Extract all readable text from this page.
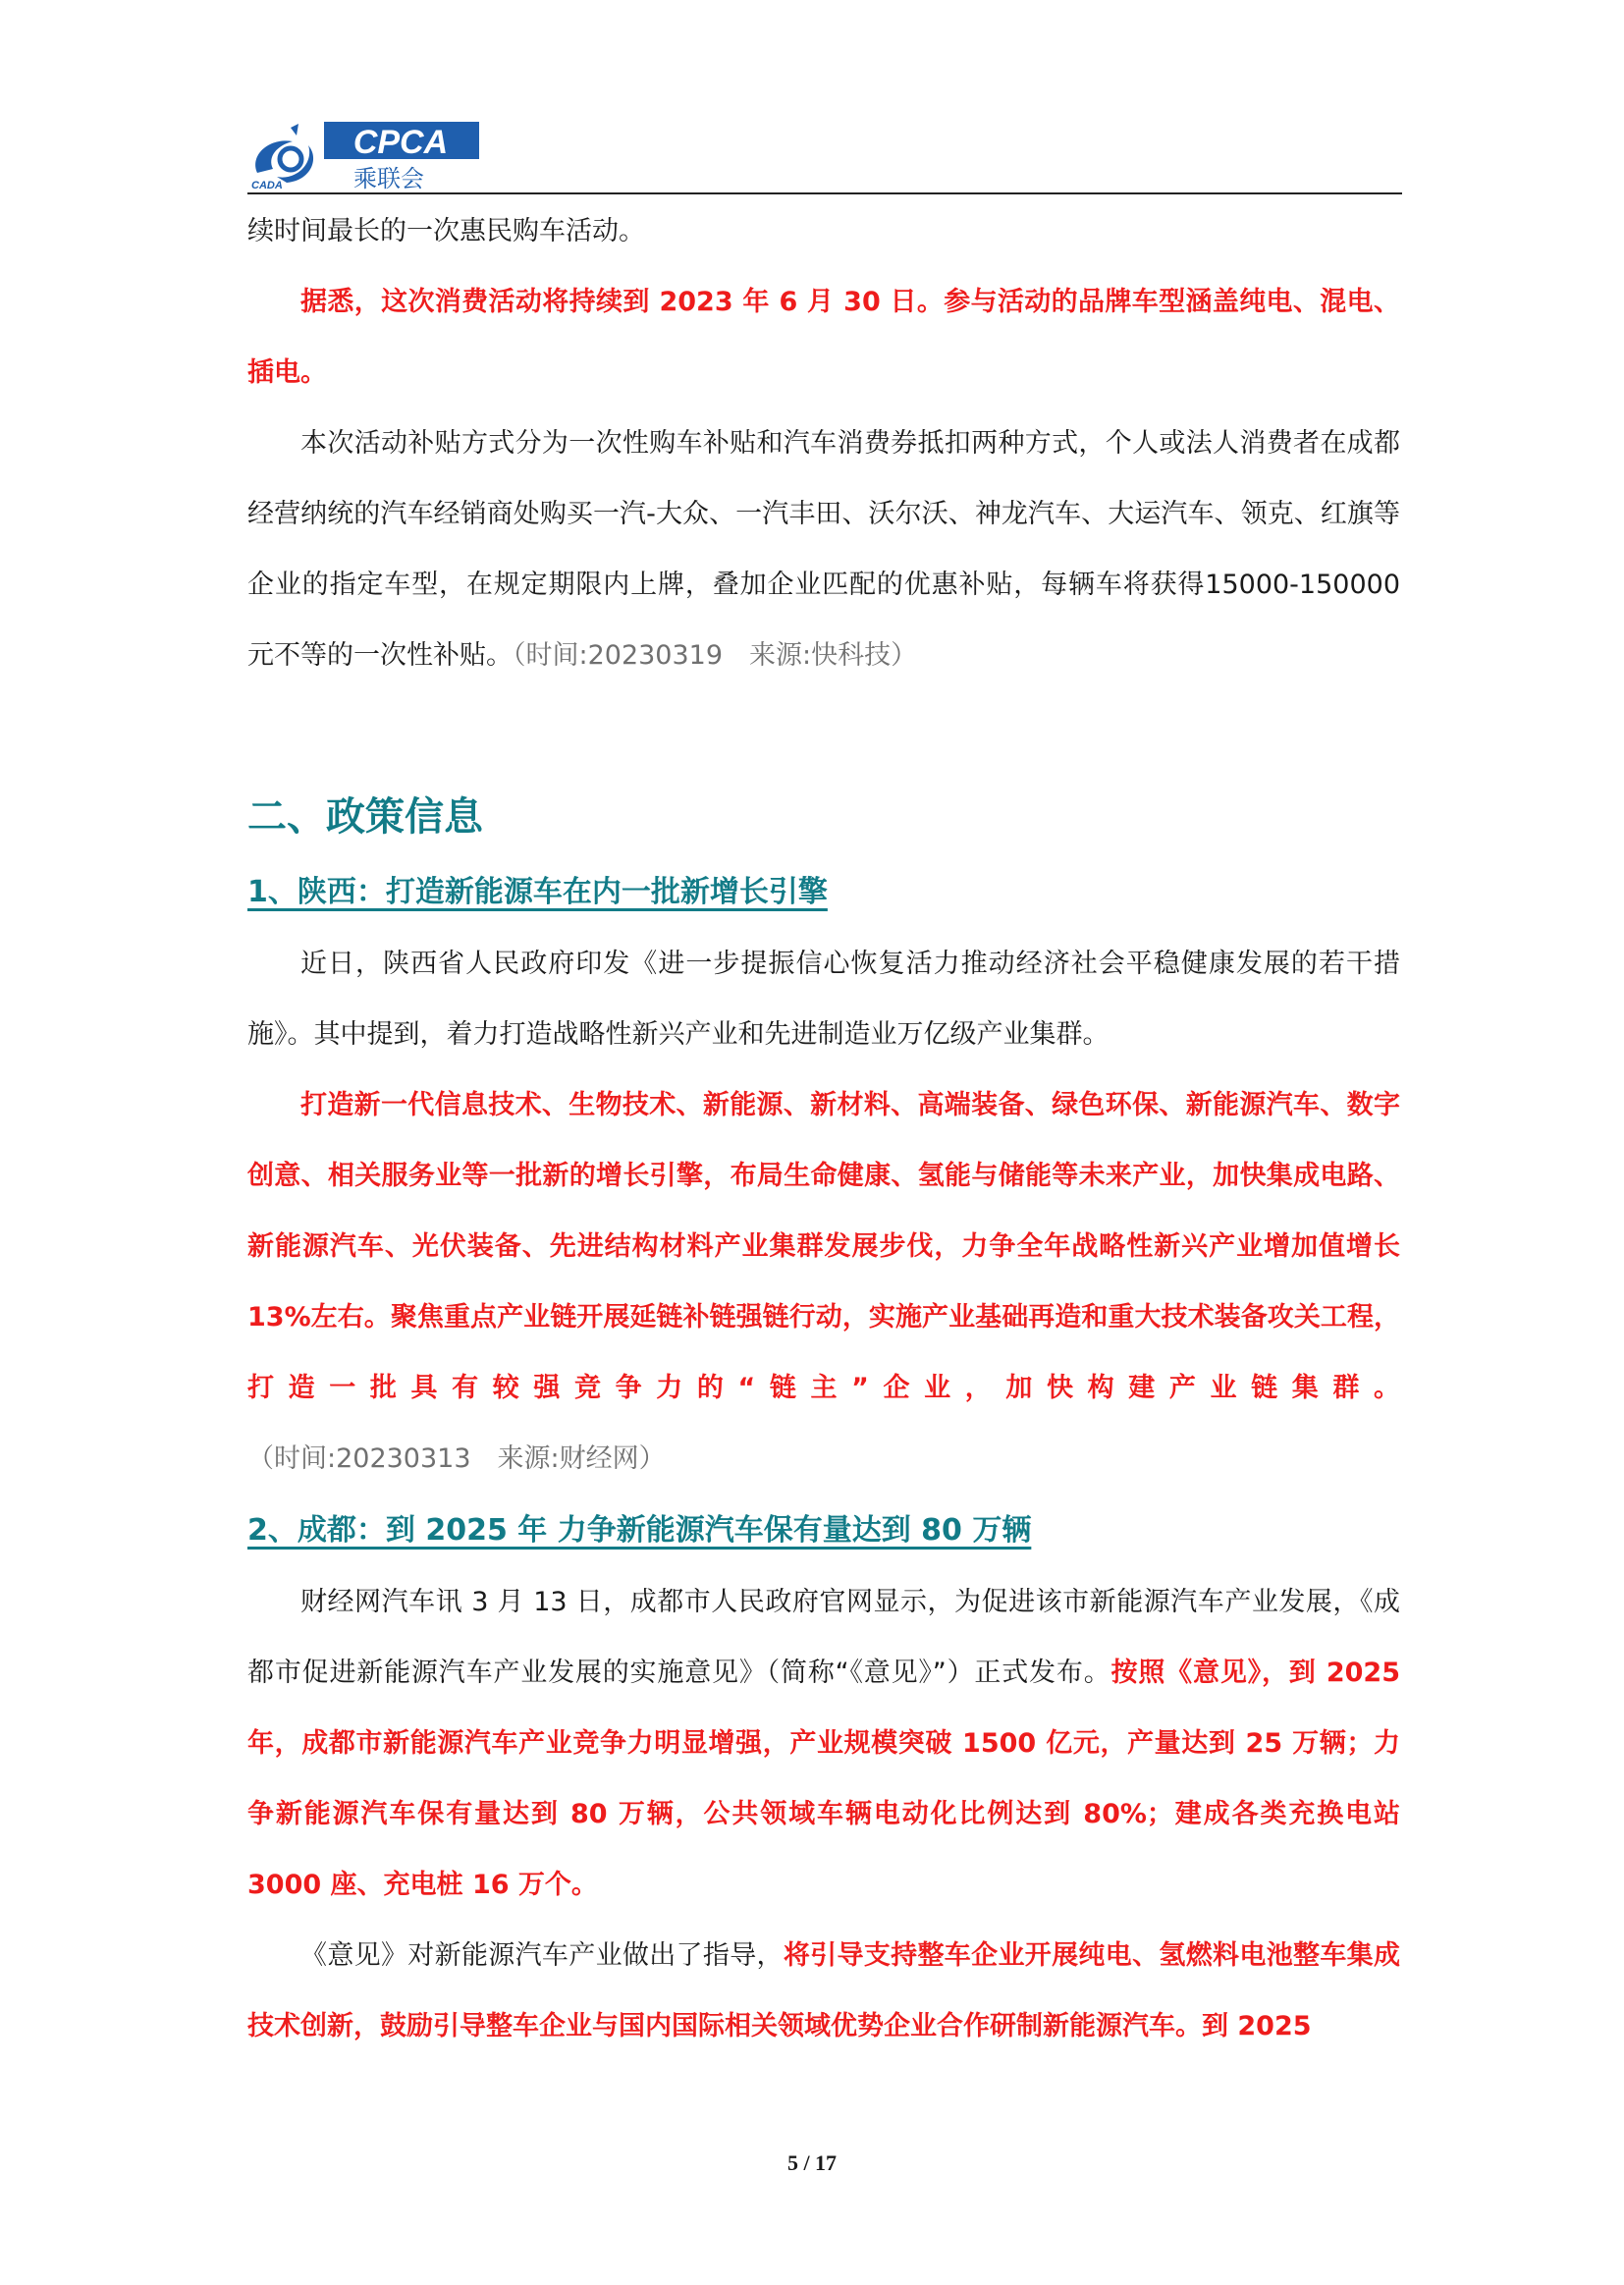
CADA
CPCA
乘联会

续时间最长的一次惠民购车活动。

据悉，这次消费活动将持续到 2023 年 6 月 30 日。参与活动的品牌车型涵盖纯电、混电、插电。

本次活动补贴方式分为一次性购车补贴和汽车消费券抵扣两种方式，个人或法人消费者在成都经营纳统的汽车经销商处购买一汽-大众、一汽丰田、沃尔沃、神龙汽车、大运汽车、领克、红旗等企业的指定车型，在规定期限内上牌，叠加企业匹配的优惠补贴，每辆车将获得15000-150000 元不等的一次性补贴。（时间:20230319　来源:快科技）

二、政策信息
1、陕西：打造新能源车在内一批新增长引擎

近日，陕西省人民政府印发《进一步提振信心恢复活力推动经济社会平稳健康发展的若干措施》。其中提到，着力打造战略性新兴产业和先进制造业万亿级产业集群。

打造新一代信息技术、生物技术、新能源、新材料、高端装备、绿色环保、新能源汽车、数字创意、相关服务业等一批新的增长引擎，布局生命健康、氢能与储能等未来产业，加快集成电路、新能源汽车、光伏装备、先进结构材料产业集群发展步伐，力争全年战略性新兴产业增加值增长 13%左右。聚焦重点产业链开展延链补链强链行动，实施产业基础再造和重大技术装备攻关工程，打造一批具有较强竞争力的“链主”企业，加快构建产业链集群。（时间:20230313　来源:财经网）

2、成都：到 2025 年 力争新能源汽车保有量达到 80 万辆

财经网汽车讯 3 月 13 日，成都市人民政府官网显示，为促进该市新能源汽车产业发展，《成都市促进新能源汽车产业发展的实施意见》（简称“《意见》”）正式发布。按照《意见》，到 2025 年，成都市新能源汽车产业竞争力明显增强，产业规模突破 1500 亿元，产量达到 25 万辆；力争新能源汽车保有量达到 80 万辆，公共领域车辆电动化比例达到 80%；建成各类充换电站 3000 座、充电桩 16 万个。

《意见》对新能源汽车产业做出了指导，将引导支持整车企业开展纯电、氢燃料电池整车集成技术创新，鼓励引导整车企业与国内国际相关领域优势企业合作研制新能源汽车。到 2025

5 / 17
